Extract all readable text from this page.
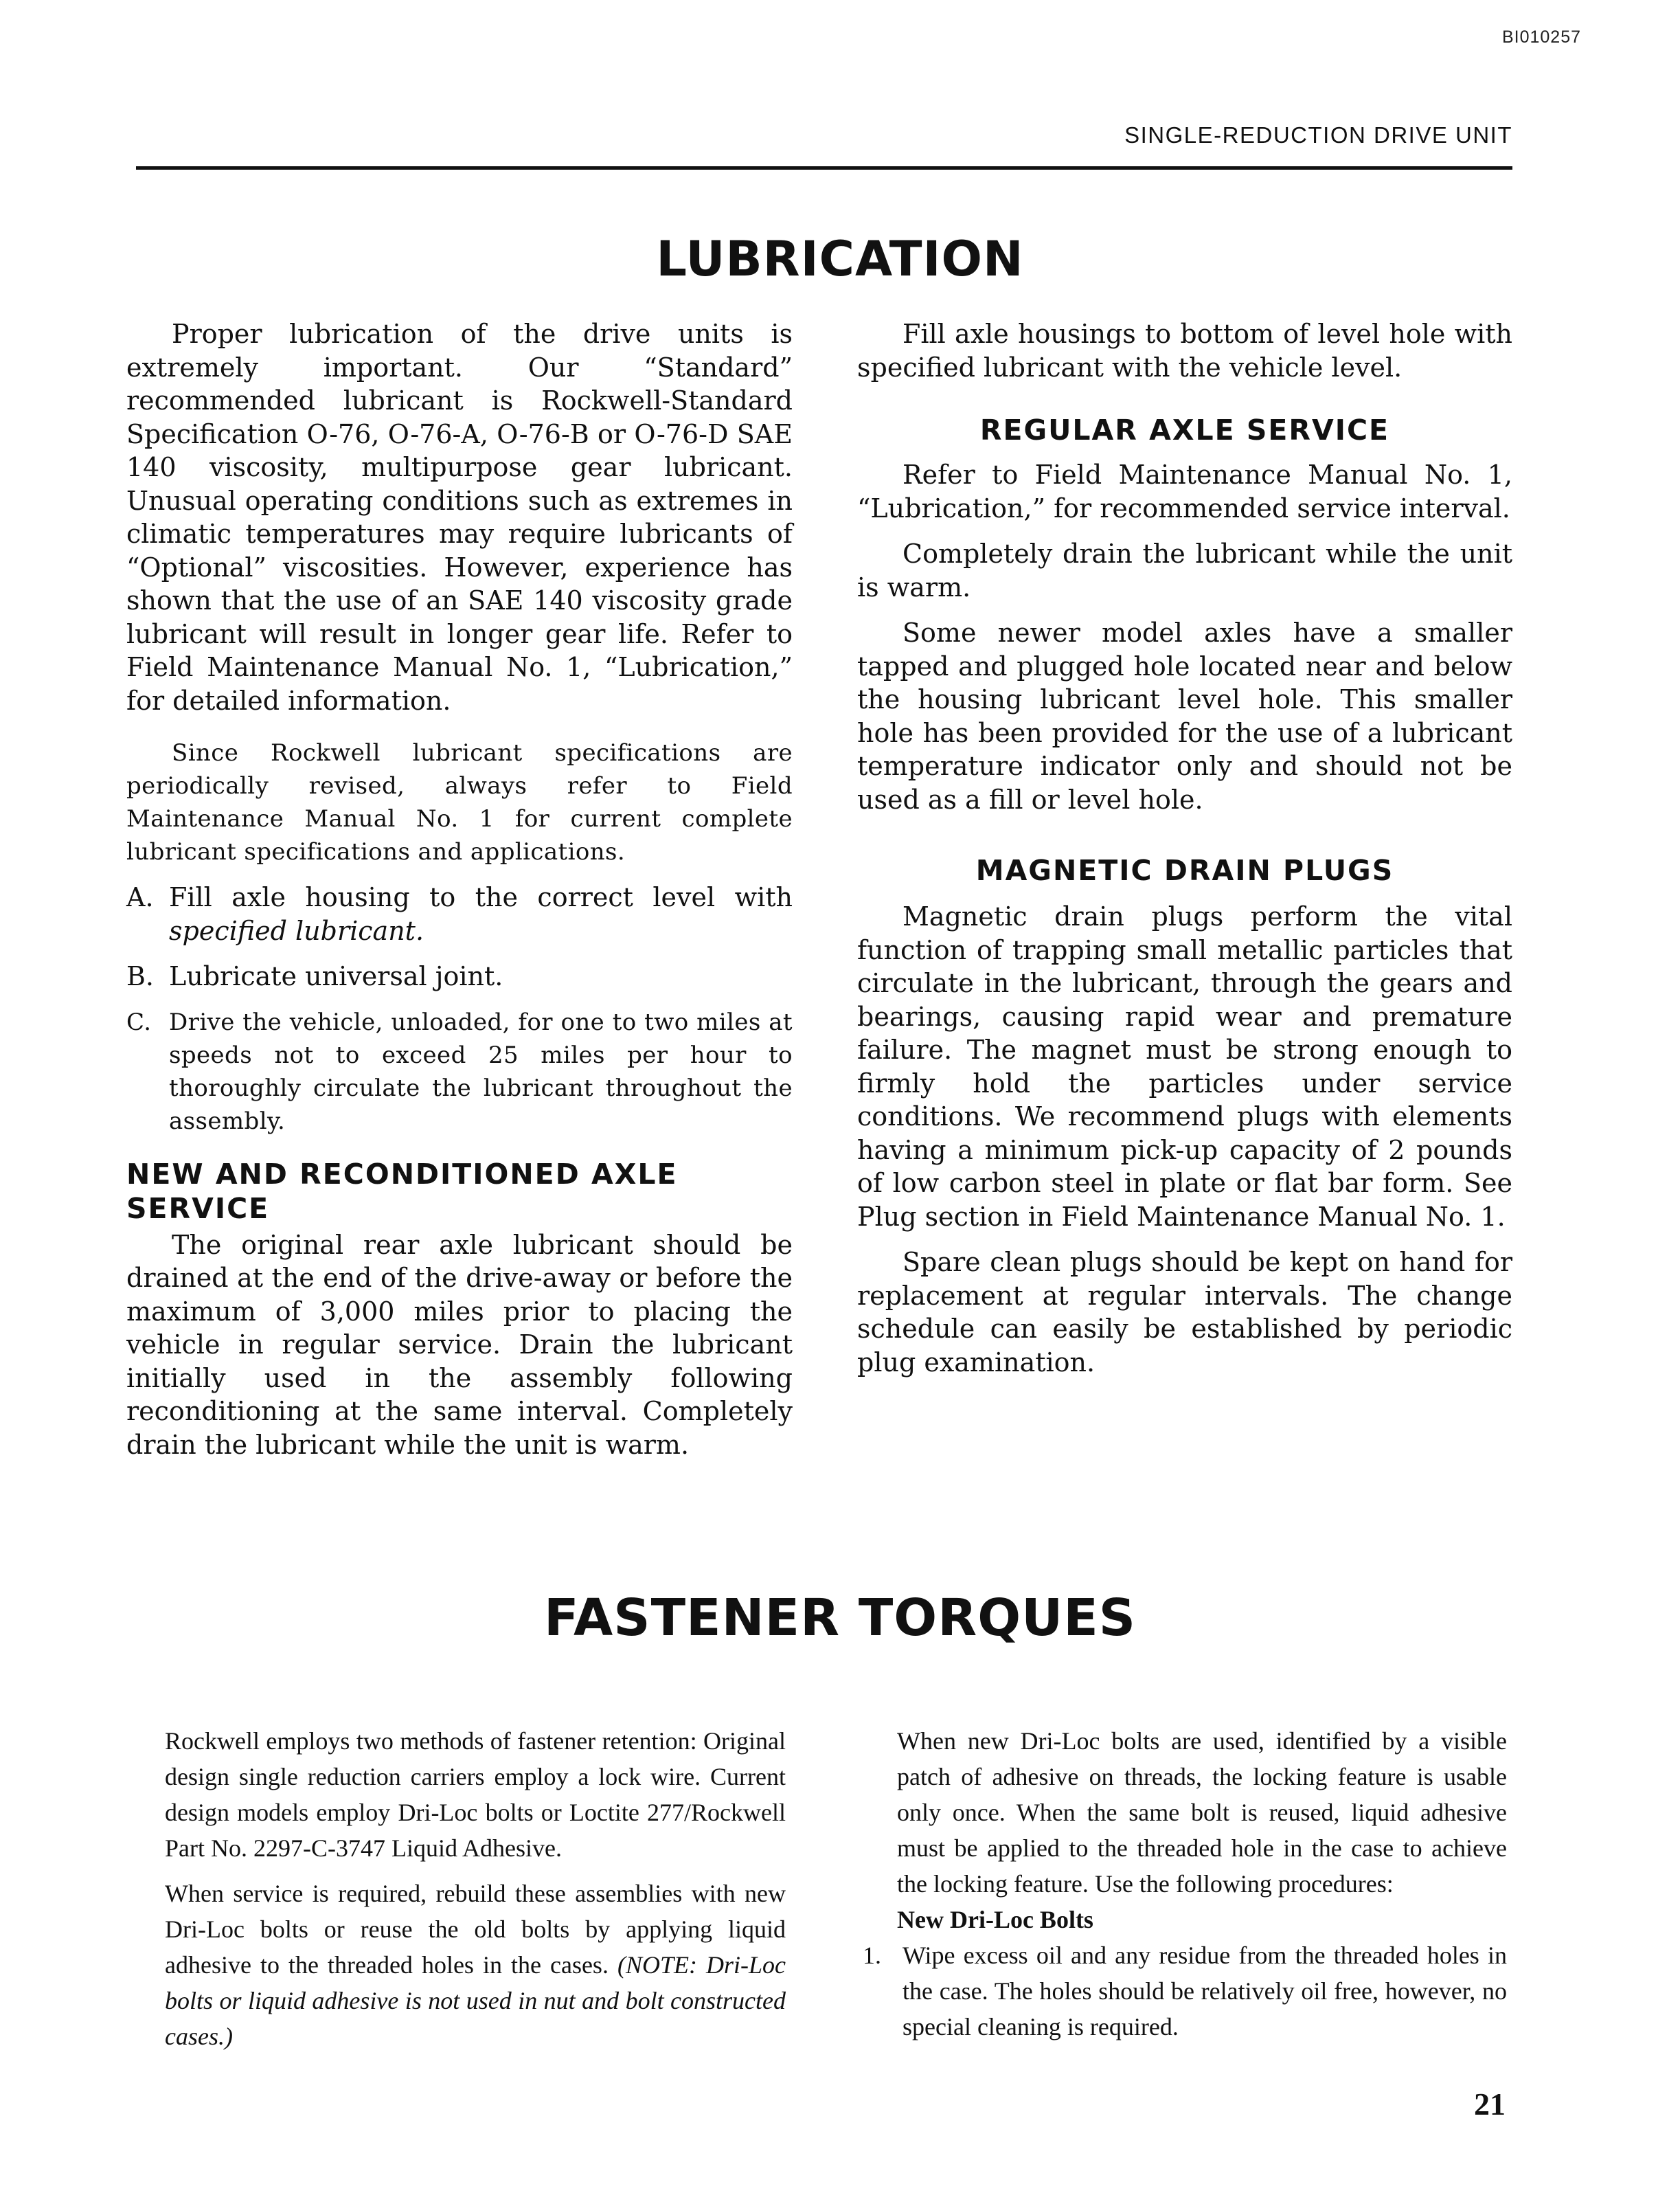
BI010257
SINGLE-REDUCTION DRIVE UNIT
LUBRICATION

Proper lubrication of the drive units is extremely important. Our “Standard” recommended lubricant is Rockwell-Standard Specification O-76, O-76-A, O-76-B or O-76-D SAE 140 viscosity, multipurpose gear lubricant. Unusual operating conditions such as extremes in climatic temperatures may require lubricants of “Optional” viscosities. However, experience has shown that the use of an SAE 140 viscosity grade lubricant will result in longer gear life. Refer to Field Maintenance Manual No. 1, “Lubrication,” for detailed information.

Since Rockwell lubricant specifications are periodically revised, always refer to Field Maintenance Manual No. 1 for current complete lubricant specifications and applications.

A. Fill axle housing to the correct level with specified lubricant.
B. Lubricate universal joint.
C. Drive the vehicle, unloaded, for one to two miles at speeds not to exceed 25 miles per hour to thoroughly circulate the lubricant throughout the assembly.
NEW AND RECONDITIONED AXLE SERVICE

The original rear axle lubricant should be drained at the end of the drive-away or before the maximum of 3,000 miles prior to placing the vehicle in regular service. Drain the lubricant initially used in the assembly following reconditioning at the same interval. Completely drain the lubricant while the unit is warm.

Fill axle housings to bottom of level hole with specified lubricant with the vehicle level.

REGULAR AXLE SERVICE

Refer to Field Maintenance Manual No. 1, “Lubrication,” for recommended service interval.

Completely drain the lubricant while the unit is warm.

Some newer model axles have a smaller tapped and plugged hole located near and below the housing lubricant level hole. This smaller hole has been provided for the use of a lubricant temperature indicator only and should not be used as a fill or level hole.

MAGNETIC DRAIN PLUGS

Magnetic drain plugs perform the vital function of trapping small metallic particles that circulate in the lubricant, through the gears and bearings, causing rapid wear and premature failure. The magnet must be strong enough to firmly hold the particles under service conditions. We recommend plugs with elements having a minimum pick-up capacity of 2 pounds of low carbon steel in plate or flat bar form. See Plug section in Field Maintenance Manual No. 1.

Spare clean plugs should be kept on hand for replacement at regular intervals. The change schedule can easily be established by periodic plug examination.

FASTENER TORQUES

Rockwell employs two methods of fastener retention: Original design single reduction carriers employ a lock wire. Current design models employ Dri-Loc bolts or Loctite 277/Rockwell Part No. 2297-C-3747 Liquid Adhesive.

When service is required, rebuild these assemblies with new Dri-Loc bolts or reuse the old bolts by applying liquid adhesive to the threaded holes in the cases. (NOTE: Dri-Loc bolts or liquid adhesive is not used in nut and bolt constructed cases.)

When new Dri-Loc bolts are used, identified by a visible patch of adhesive on threads, the locking feature is usable only once. When the same bolt is reused, liquid adhesive must be applied to the threaded hole in the case to achieve the locking feature. Use the following procedures:

New Dri-Loc Bolts
1. Wipe excess oil and any residue from the threaded holes in the case. The holes should be relatively oil free, however, no special cleaning is required.
21
